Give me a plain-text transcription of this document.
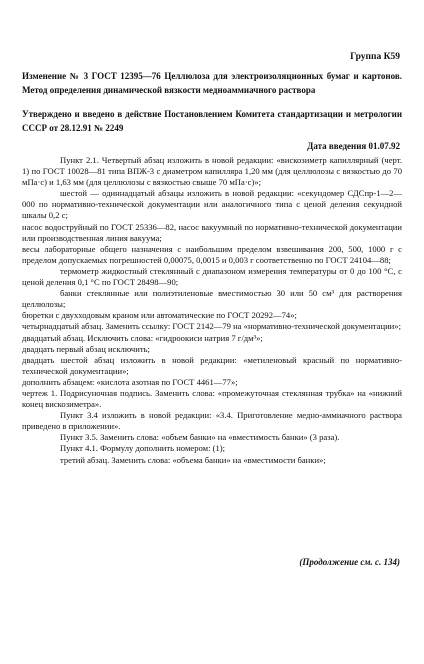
Группа К59
Изменение № 3 ГОСТ 12395—76 Целлюлоза для электроизоляционных бумаг и картонов. Метод определения динамической вязкости медноаммиачного раствора
Утверждено и введено в действие Постановлением Комитета стандартизации и метрологии СССР от 28.12.91 № 2249
Дата введения 01.07.92

Пункт 2.1. Четвертый абзац изложить в новой редакции: «вискозиметр капиллярный (черт. 1) по ГОСТ 10028—81 типа ВПЖ-3 с диаметром капилляра 1,20 мм (для целлюлозы с вязкостью до 70 мПа·с) и 1,63 мм (для целлюлозы с вязкостью свыше 70 мПа·с)»;

шестой — одиннадцатый абзацы изложить в новой редакции: «секундомер СДСпр-1—2—000 по нормативно-технической документации или аналогичного типа с ценой деления секундной шкалы 0,2 с;

насос водоструйный по ГОСТ 25336—82, насос вакуумный по нормативно-технической документации или производственная линия вакуума;

весы лабораторные общего назначения с наибольшим пределом взвешивания 200, 500, 1000 г с пределом допускаемых погрешностей 0,00075, 0,0015 и 0,003 г соответственно по ГОСТ 24104—88;

термометр жидкостный стеклянный с диапазоном измерения температуры от 0 до 100 °С, с ценой деления 0,1 °С по ГОСТ 28498—90;

банки стеклянные или полиэтиленовые вместимостью 30 или 50 см³ для растворения целлюлозы;

бюретки с двухходовым краном или автоматические по ГОСТ 20292—74»;

четырнадцатый абзац. Заменить ссылку: ГОСТ 2142—79 на «нормативно-технической документации»;

двадцатый абзац. Исключить слова: «гидроокиси натрия 7 г/дм³»;

двадцать первый абзац исключить;

двадцать шестой абзац изложить в новой редакции: «метиленовый красный по нормативно-технической документации»;

дополнить абзацем: «кислота азотная по ГОСТ 4461—77»;

чертеж 1. Подрисуночная подпись. Заменить слова: «промежуточная стеклянная трубка» на «нижний конец вискозиметра».

Пункт 3.4 изложить в новой редакции: «3.4. Приготовление медно-аммиачного раствора приведено в приложении».

Пункт 3.5. Заменить слова: «объем банки» на «вместимость банки» (3 раза).

Пункт 4.1. Формулу дополнить номером: (1);

третий абзац. Заменить слова: «объема банки» на «вместимости банки»;

(Продолжение см. с. 134)
